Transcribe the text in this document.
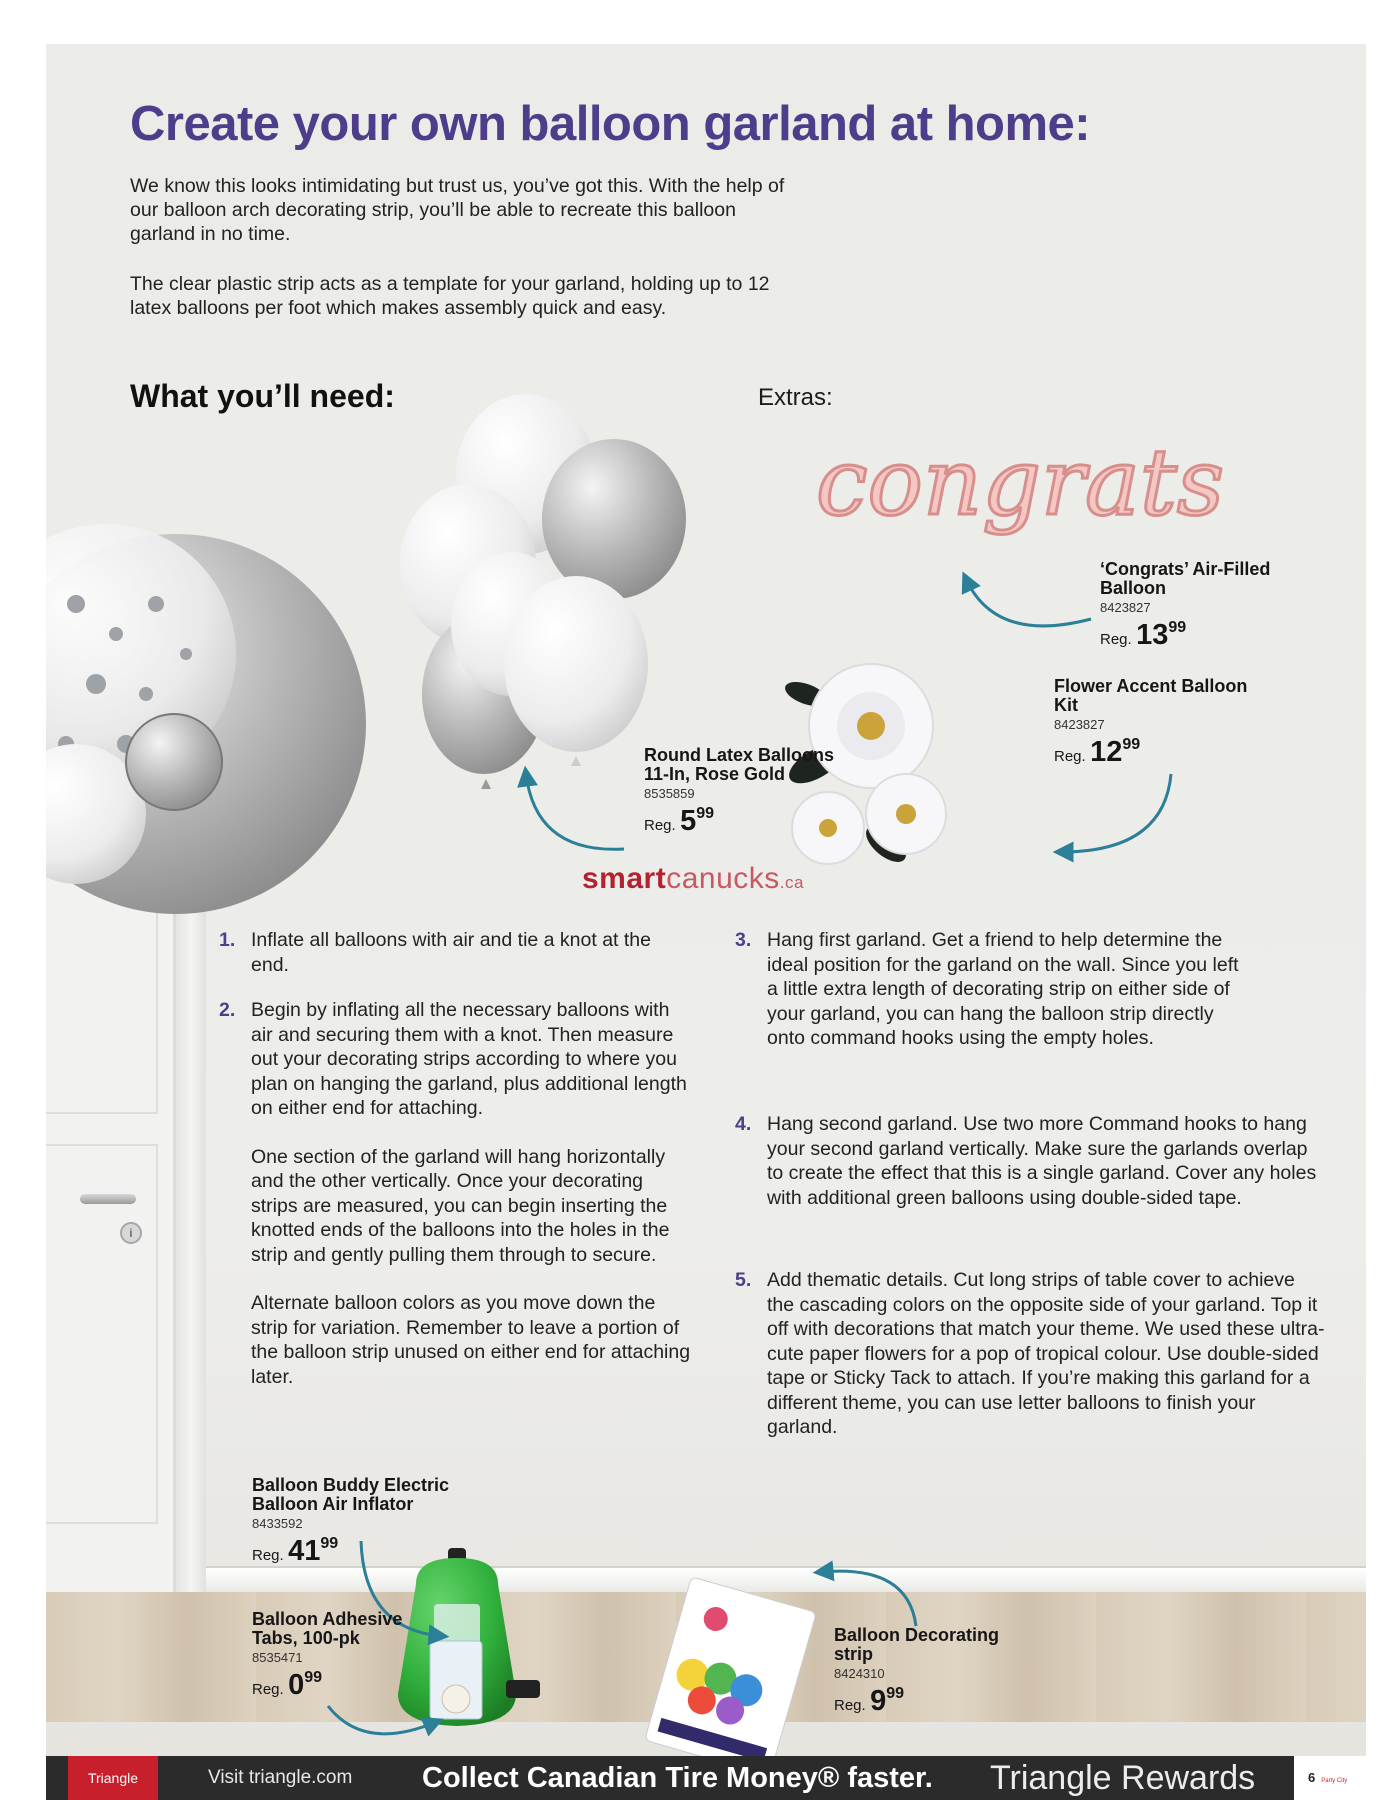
i
congrats
Create your own balloon garland at home:

We know this looks intimidating but trust us, you’ve got this. With the help of our balloon arch decorating strip, you’ll be able to recreate this balloon garland in no time.

The clear plastic strip acts as a template for your garland, holding up to 12 latex balloons per foot which makes assembly quick and easy.

What you’ll need:	Extras:
Round Latex Balloons 11-In, Rose Gold
8535859
Reg. 599
‘Congrats’ Air-Filled Balloon
8423827
Reg. 1399
Flower Accent Balloon Kit
8423827
Reg. 1299
Balloon Buddy Electric Balloon Air Inflator
8433592
Reg. 4199
Balloon Adhesive Tabs, 100-pk
8535471
Reg. 099
Balloon Decorating strip
8424310
Reg. 999
smartcanucks.ca
1. Inflate all balloons with air and tie a knot at the end.

2. Begin by inflating all the necessary balloons with air and securing them with a knot. Then measure out your decorating strips according to where you plan on hanging the garland, plus additional length on either end for attaching.

One section of the garland will hang horizontally and the other vertically. Once your decorating strips are measured, you can begin inserting the knotted ends of the balloons into the holes in the strip and gently pulling them through to secure.

Alternate balloon colors as you move down the strip for variation. Remember to leave a portion of the balloon strip unused on either end for attaching later.

3. Hang first garland. Get a friend to help determine the ideal position for the garland on the wall. Since you left a little extra length of decorating strip on either side of your garland, you can hang the balloon strip directly onto command hooks using the empty holes.

4. Hang second garland. Use two more Command hooks to hang your second garland vertically. Make sure the garlands overlap to create the effect that this is a single garland. Cover any holes with additional green balloons using double-sided tape.

5. Add thematic details. Cut long strips of table cover to achieve the cascading colors on the opposite side of your garland. Top it off with decorations that match your theme. We used these ultra-cute paper flowers for a pop of tropical colour. Use double-sided tape or Sticky Tack to attach. If you’re making this garland for a different theme, you can use letter balloons to finish your garland.

Triangle	Visit triangle.com Collect Canadian Tire Money® faster. Triangle Rewards	6 Party City
